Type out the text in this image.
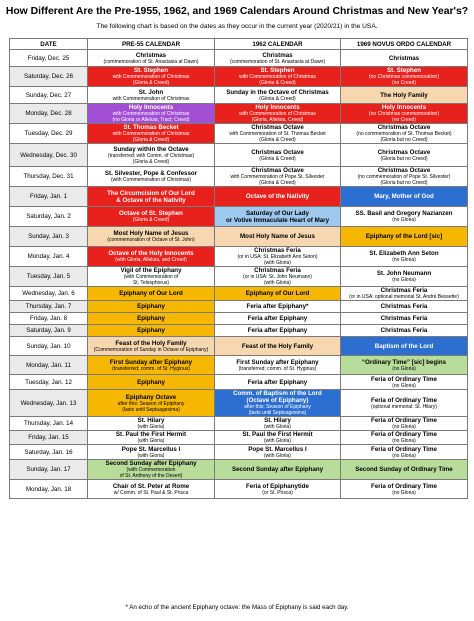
How Different Are the Pre-1955, 1962, and 1969 Calendars Around Christmas and New Year's?
The following chart is based on the dates as they occur in the current year (2020/21) in the USA.
DATE	PRE-55 CALENDAR	1962 CALENDAR	1969 NOVUS ORDO CALENDAR
Friday, Dec. 25	Christmas
(commemoration of St. Anastasia at Dawn)	Christmas
(commemoration of St. Anastasia at Dawn)	Christmas

Saturday, Dec. 26	St. Stephen
with Commemoration of Christmas
(Gloria & Creed)	St. Stephen
with Commemoration of Christmas
(Gloria & Creed)	St. Stephen
(no Christmas commemoration)
(no Creed)

Sunday, Dec. 27	St. John
with Commemoration of Christmas	Sunday in the Octave of Christmas
(Gloria & Creed)	The Holy Family

Monday, Dec. 28	Holy Innocents
with Commemoration of Christmas
(no Gloria or Alleluia; Tract; Creed)	Holy Innocents
with Commemoration of Christmas
(Gloria, Alleluia, Creed)	Holy Innocents
(no Christmas commemoration)
(no Creed)

Tuesday, Dec. 29	St. Thomas Becket
with Commemoration of Christmas
(Gloria & Creed)	Christmas Octave
with Commemoration of St. Thomas Becket
(Gloria & Creed)	Christmas Octave
(no commemoration of St. Thomas Becket)
(Gloria but no Creed)

Wednesday, Dec. 30	Sunday within the Octave
(transferred; with Comm. of Christmas)
(Gloria & Creed)	Christmas Octave
(Gloria & Creed)	Christmas Octave
(Gloria but no Creed)

Thursday, Dec. 31	St. Silvester, Pope & Confessor
(with Commemoration of Christmas)	Christmas Octave
with Commemoration of Pope St. Silvester
(Gloria & Creed)	Christmas Octave
(no commemoration of Pope St. Silvester)
(Gloria but no Creed)

Friday, Jan. 1	The Circumcision of Our Lord
& Octave of the Nativity	Octave of the Nativity	Mary, Mother of God

Saturday, Jan. 2	Octave of St. Stephen
(Gloria & Creed)	Saturday of Our Lady
or Votive Immaculate Heart of Mary	SS. Basil and Gregory Nazianzen
(no Gloria)

Sunday, Jan. 3	Most Holy Name of Jesus
(commemoration of Octave of St. John)	Most Holy Name of Jesus	Epiphany of the Lord [sic]

Monday, Jan. 4	Octave of the Holy Innocents
(with Gloria, Alleluia, and Creed)	Christmas Feria
(or in USA: St. Elizabeth Ann Seton)
(with Gloria)	St. Elizabeth Ann Seton
(no Gloria)

Tuesday, Jan. 5	Vigil of the Epiphany
(with Commemoration of
St. Telesphorus)	Christmas Feria
(or in USA: St. John Neumann)
(with Gloria)	St. John Neumann
(no Gloria)

Wednesday, Jan. 6	Epiphany of Our Lord	Epiphany of Our Lord	Christmas Feria
(or in USA: optional memorial St. André Bessette)

Thursday, Jan. 7	Epiphany	Feria after Epiphany*	Christmas Feria

Friday, Jan. 8	Epiphany	Feria after Epiphany	Christmas Feria

Saturday, Jan. 9	Epiphany	Feria after Epiphany	Christmas Feria

Sunday, Jan. 10	Feast of the Holy Family
(Commemoration of Sunday in Octave of Epiphany)	Feast of the Holy Family	Baptism of the Lord

Monday, Jan. 11	First Sunday after Epiphany
(transferred; comm. of St. Hyginus)	First Sunday after Epiphany
(transferred; comm. of St. Hyginus)	“Ordinary Time” [sic] begins
(no Gloria)

Tuesday, Jan. 12	Epiphany	Feria after Epiphany	Feria of Ordinary Time
(no Gloria)

Wednesday, Jan. 13	Epiphany Octave
after this: Season of Epiphany
(lasts until Septuagesima)	Comm. of Baptism of the Lord
(Octave of Epiphany)
after this: Season of Epiphany
(lasts until Septuagesima)	Feria of Ordinary Time
(optional memorial: St. Hilary)

Thursday, Jan. 14	St. Hilary
(with Gloria)	St. Hilary
(with Gloria)	Feria of Ordinary Time
(no Gloria)

Friday, Jan. 15	St. Paul the First Hermit
(with Gloria)	St. Paul the First Hermit
(with Gloria)	Feria of Ordinary Time
(no Gloria)

Saturday, Jan. 16	Pope St. Marcellus I
(with Gloria)	Pope St. Marcellus I
(with Gloria)	Feria of Ordinary Time
(no Gloria)

Sunday, Jan. 17	Second Sunday after Epiphany
(with Commemoration
of St. Anthony of the Desert)	Second Sunday after Epiphany	Second Sunday of Ordinary Time

Monday, Jan. 18	Chair of St. Peter at Rome
w/ Comm. of St. Paul & St. Prisca	Feria of Epiphanytide
(or St. Prisca)	Feria of Ordinary Time
(no Gloria)
* An echo of the ancient Epiphany octave: the Mass of Epiphany is said each day.
